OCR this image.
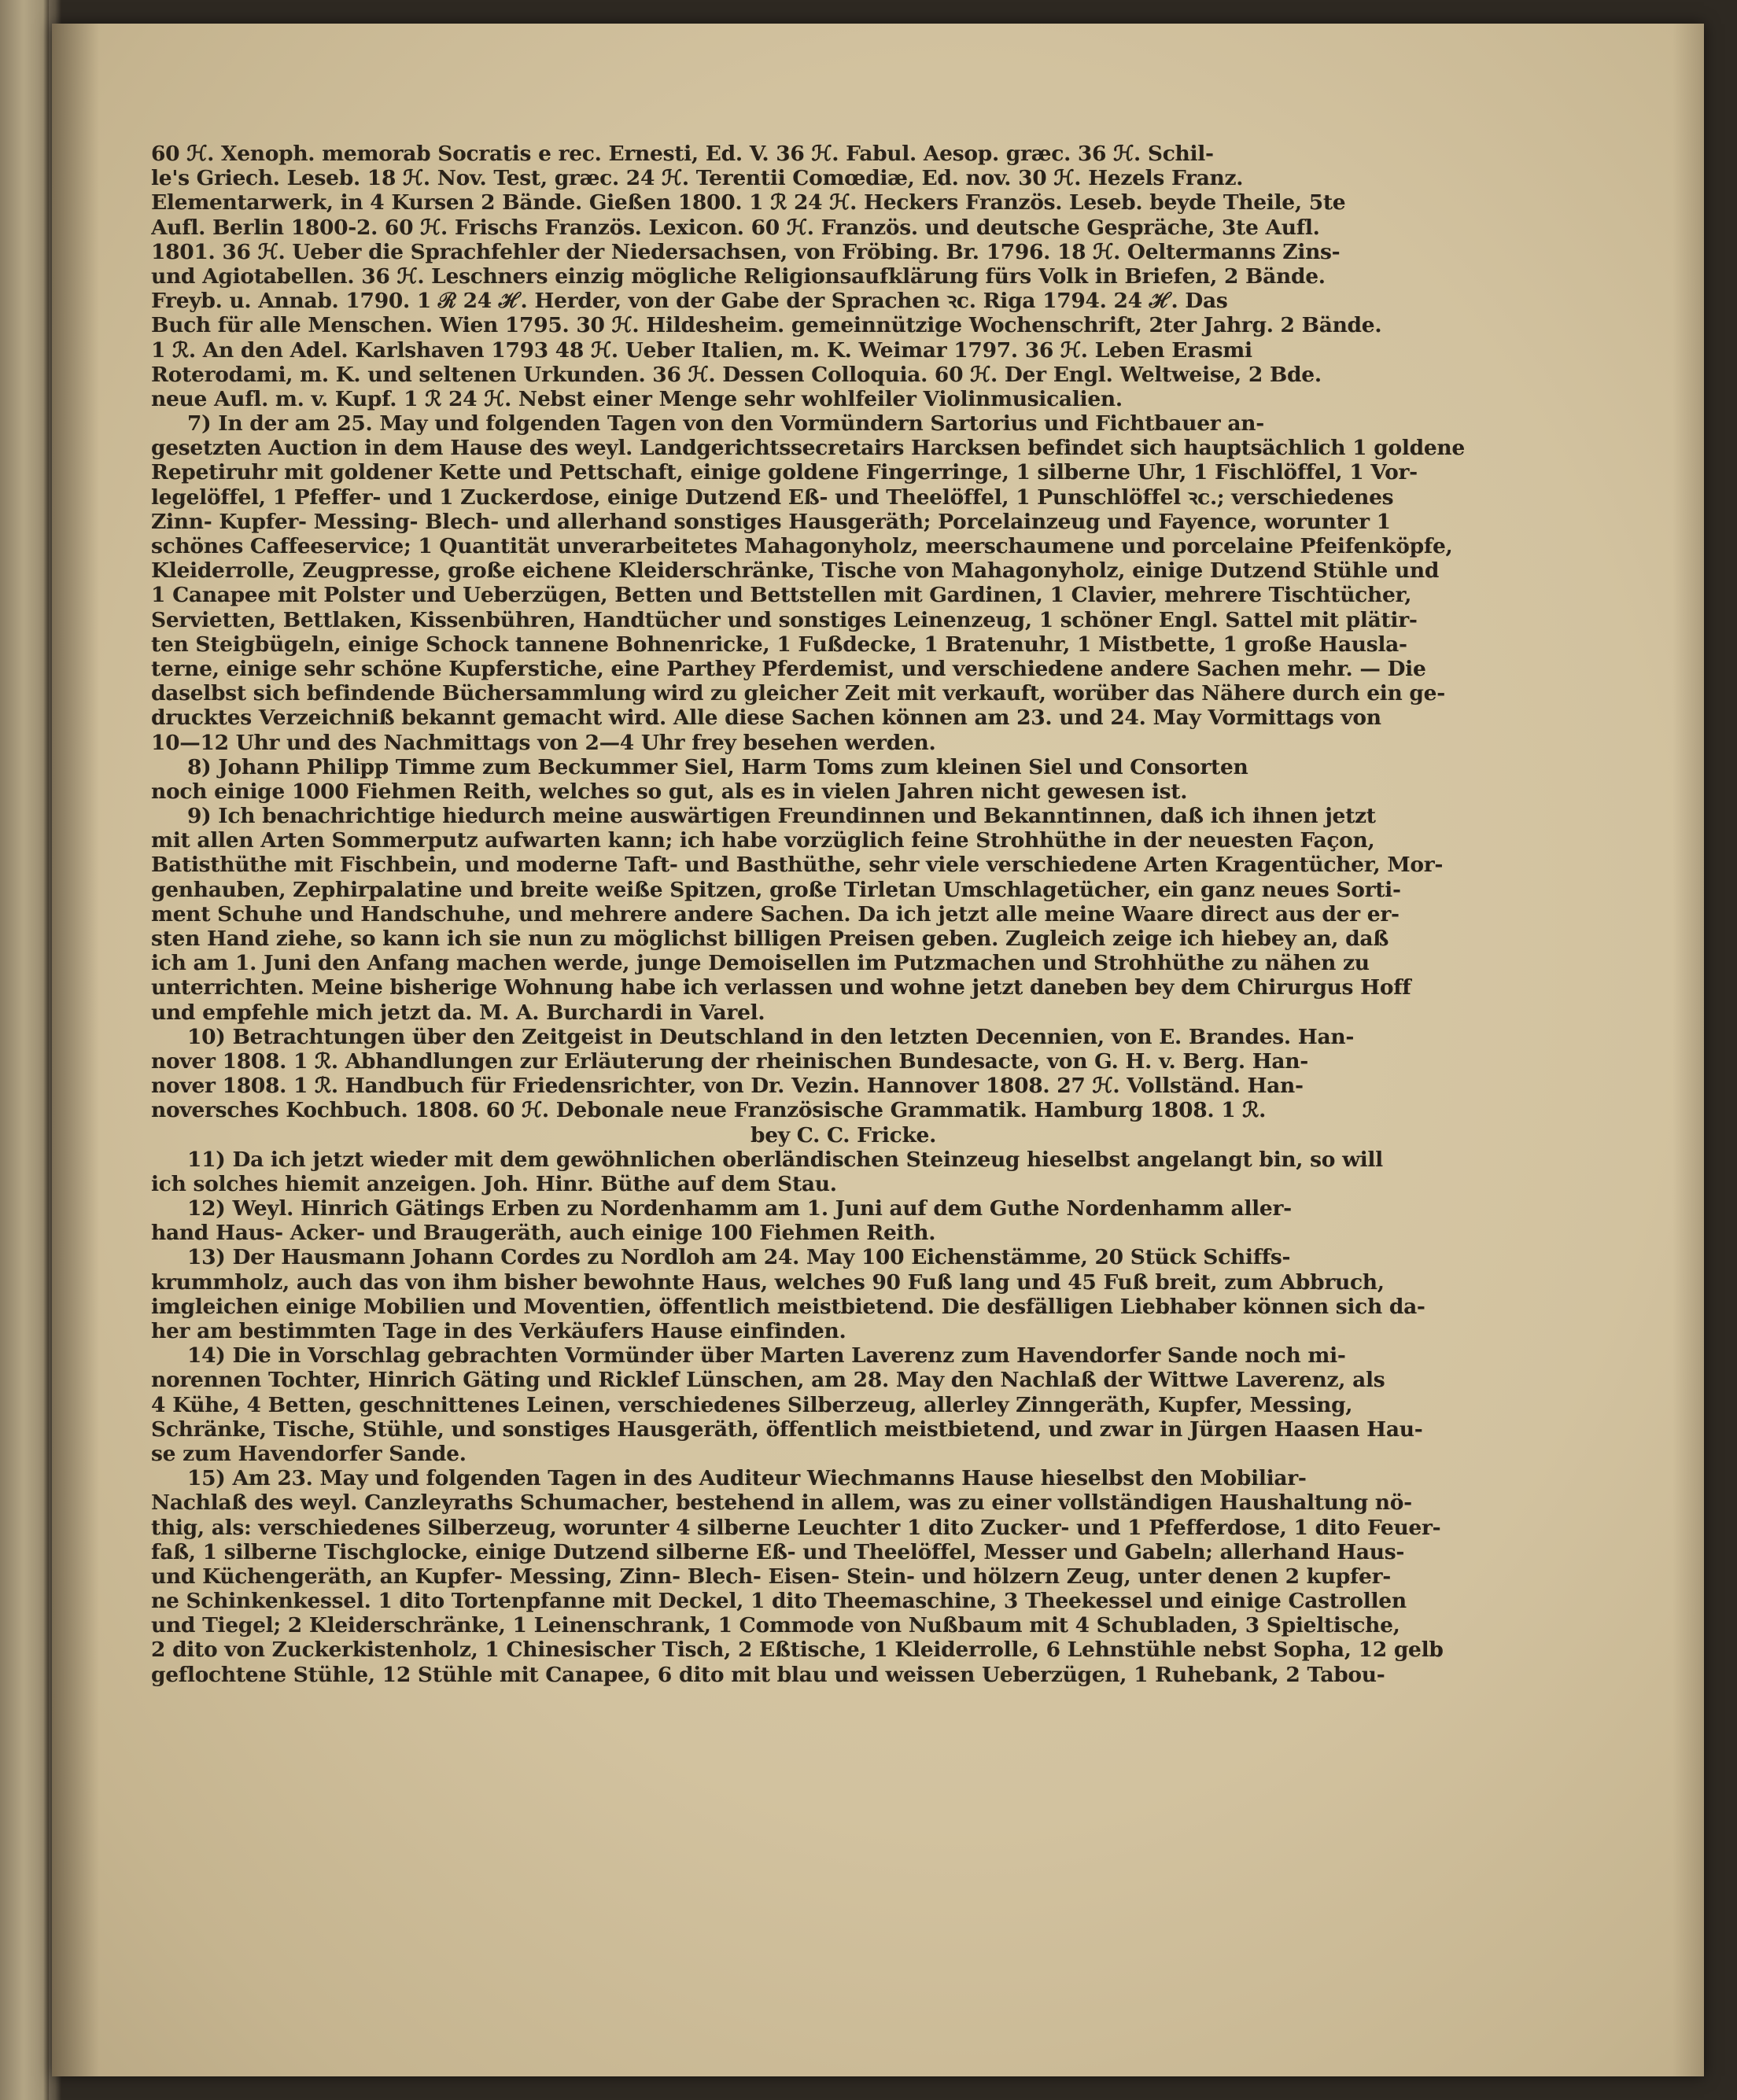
60 ℋ. Xenoph. memorab Socratis e rec. Ernesti, Ed. V. 36 ℋ. Fabul. Aesop. græc. 36 ℋ. Schil-
le's Griech. Leseb. 18 ℋ. Nov. Test, græc. 24 ℋ. Terentii Comœdiæ, Ed. nov. 30 ℋ. Hezels Franz.
Elementarwerk, in 4 Kursen 2 Bände. Gießen 1800. 1 ℛ 24 ℋ. Heckers Französ. Leseb. beyde Theile, 5te
Aufl. Berlin 1800-2. 60 ℋ. Frischs Französ. Lexicon. 60 ℋ. Französ. und deutsche Gespräche, 3te Aufl.
1801. 36 ℋ. Ueber die Sprachfehler der Niedersachsen, von Fröbing. Br. 1796. 18 ℋ. Oeltermanns Zins-
und Agiotabellen. 36 ℋ. Leschners einzig mögliche Religionsaufklärung fürs Volk in Briefen, 2 Bände.
Freyb. u. Annab. 1790. 1 ℛ 24 ℋ. Herder, von der Gabe der Sprachen ꝛc. Riga 1794. 24 ℋ. Das
Buch für alle Menschen. Wien 1795. 30 ℋ. Hildesheim. gemeinnützige Wochenschrift, 2ter Jahrg. 2 Bände.
1 ℛ. An den Adel. Karlshaven 1793 48 ℋ. Ueber Italien, m. K. Weimar 1797. 36 ℋ. Leben Erasmi
Roterodami, m. K. und seltenen Urkunden. 36 ℋ. Dessen Colloquia. 60 ℋ. Der Engl. Weltweise, 2 Bde.
neue Aufl. m. v. Kupf. 1 ℛ 24 ℋ. Nebst einer Menge sehr wohlfeiler Violinmusicalien.
7) In der am 25. May und folgenden Tagen von den Vormündern Sartorius und Fichtbauer an-
gesetzten Auction in dem Hause des weyl. Landgerichtssecretairs Harcksen befindet sich hauptsächlich 1 goldene
Repetiruhr mit goldener Kette und Pettschaft, einige goldene Fingerringe, 1 silberne Uhr, 1 Fischlöffel, 1 Vor-
legelöffel, 1 Pfeffer- und 1 Zuckerdose, einige Dutzend Eß- und Theelöffel, 1 Punschlöffel ꝛc.; verschiedenes
Zinn- Kupfer- Messing- Blech- und allerhand sonstiges Hausgeräth; Porcelainzeug und Fayence, worunter 1
schönes Caffeeservice; 1 Quantität unverarbeitetes Mahagonyholz, meerschaumene und porcelaine Pfeifenköpfe,
Kleiderrolle, Zeugpresse, große eichene Kleiderschränke, Tische von Mahagonyholz, einige Dutzend Stühle und
1 Canapee mit Polster und Ueberzügen, Betten und Bettstellen mit Gardinen, 1 Clavier, mehrere Tischtücher,
Servietten, Bettlaken, Kissenbühren, Handtücher und sonstiges Leinenzeug, 1 schöner Engl. Sattel mit plätir-
ten Steigbügeln, einige Schock tannene Bohnenricke, 1 Fußdecke, 1 Bratenuhr, 1 Mistbette, 1 große Hausla-
terne, einige sehr schöne Kupferstiche, eine Parthey Pferdemist, und verschiedene andere Sachen mehr. — Die
daselbst sich befindende Büchersammlung wird zu gleicher Zeit mit verkauft, worüber das Nähere durch ein ge-
drucktes Verzeichniß bekannt gemacht wird. Alle diese Sachen können am 23. und 24. May Vormittags von
10—12 Uhr und des Nachmittags von 2—4 Uhr frey besehen werden.
8) Johann Philipp Timme zum Beckummer Siel, Harm Toms zum kleinen Siel und Consorten
noch einige 1000 Fiehmen Reith, welches so gut, als es in vielen Jahren nicht gewesen ist.
9) Ich benachrichtige hiedurch meine auswärtigen Freundinnen und Bekanntinnen, daß ich ihnen jetzt
mit allen Arten Sommerputz aufwarten kann; ich habe vorzüglich feine Strohhüthe in der neuesten Façon,
Batisthüthe mit Fischbein, und moderne Taft- und Basthüthe, sehr viele verschiedene Arten Kragentücher, Mor-
genhauben, Zephirpalatine und breite weiße Spitzen, große Tirletan Umschlagetücher, ein ganz neues Sorti-
ment Schuhe und Handschuhe, und mehrere andere Sachen. Da ich jetzt alle meine Waare direct aus der er-
sten Hand ziehe, so kann ich sie nun zu möglichst billigen Preisen geben. Zugleich zeige ich hiebey an, daß
ich am 1. Juni den Anfang machen werde, junge Demoisellen im Putzmachen und Strohhüthe zu nähen zu
unterrichten. Meine bisherige Wohnung habe ich verlassen und wohne jetzt daneben bey dem Chirurgus Hoff
und empfehle mich jetzt da. M. A. Burchardi in Varel.
10) Betrachtungen über den Zeitgeist in Deutschland in den letzten Decennien, von E. Brandes. Han-
nover 1808. 1 ℛ. Abhandlungen zur Erläuterung der rheinischen Bundesacte, von G. H. v. Berg. Han-
nover 1808. 1 ℛ. Handbuch für Friedensrichter, von Dr. Vezin. Hannover 1808. 27 ℋ. Vollständ. Han-
noversches Kochbuch. 1808. 60 ℋ. Debonale neue Französische Grammatik. Hamburg 1808. 1 ℛ.
bey C. C. Fricke.
11) Da ich jetzt wieder mit dem gewöhnlichen oberländischen Steinzeug hieselbst angelangt bin, so will
ich solches hiemit anzeigen. Joh. Hinr. Büthe auf dem Stau.
12) Weyl. Hinrich Gätings Erben zu Nordenhamm am 1. Juni auf dem Guthe Nordenhamm aller-
hand Haus- Acker- und Braugeräth, auch einige 100 Fiehmen Reith.
13) Der Hausmann Johann Cordes zu Nordloh am 24. May 100 Eichenstämme, 20 Stück Schiffs-
krummholz, auch das von ihm bisher bewohnte Haus, welches 90 Fuß lang und 45 Fuß breit, zum Abbruch,
imgleichen einige Mobilien und Moventien, öffentlich meistbietend. Die desfälligen Liebhaber können sich da-
her am bestimmten Tage in des Verkäufers Hause einfinden.
14) Die in Vorschlag gebrachten Vormünder über Marten Laverenz zum Havendorfer Sande noch mi-
norennen Tochter, Hinrich Gäting und Ricklef Lünschen, am 28. May den Nachlaß der Wittwe Laverenz, als
4 Kühe, 4 Betten, geschnittenes Leinen, verschiedenes Silberzeug, allerley Zinngeräth, Kupfer, Messing,
Schränke, Tische, Stühle, und sonstiges Hausgeräth, öffentlich meistbietend, und zwar in Jürgen Haasen Hau-
se zum Havendorfer Sande.
15) Am 23. May und folgenden Tagen in des Auditeur Wiechmanns Hause hieselbst den Mobiliar-
Nachlaß des weyl. Canzleyraths Schumacher, bestehend in allem, was zu einer vollständigen Haushaltung nö-
thig, als: verschiedenes Silberzeug, worunter 4 silberne Leuchter 1 dito Zucker- und 1 Pfefferdose, 1 dito Feuer-
faß, 1 silberne Tischglocke, einige Dutzend silberne Eß- und Theelöffel, Messer und Gabeln; allerhand Haus-
und Küchengeräth, an Kupfer- Messing, Zinn- Blech- Eisen- Stein- und hölzern Zeug, unter denen 2 kupfer-
ne Schinkenkessel. 1 dito Tortenpfanne mit Deckel, 1 dito Theemaschine, 3 Theekessel und einige Castrollen
und Tiegel; 2 Kleiderschränke, 1 Leinenschrank, 1 Commode von Nußbaum mit 4 Schubladen, 3 Spieltische,
2 dito von Zuckerkistenholz, 1 Chinesischer Tisch, 2 Eßtische, 1 Kleiderrolle, 6 Lehnstühle nebst Sopha, 12 gelb
geflochtene Stühle, 12 Stühle mit Canapee, 6 dito mit blau und weissen Ueberzügen, 1 Ruhebank, 2 Tabou-
